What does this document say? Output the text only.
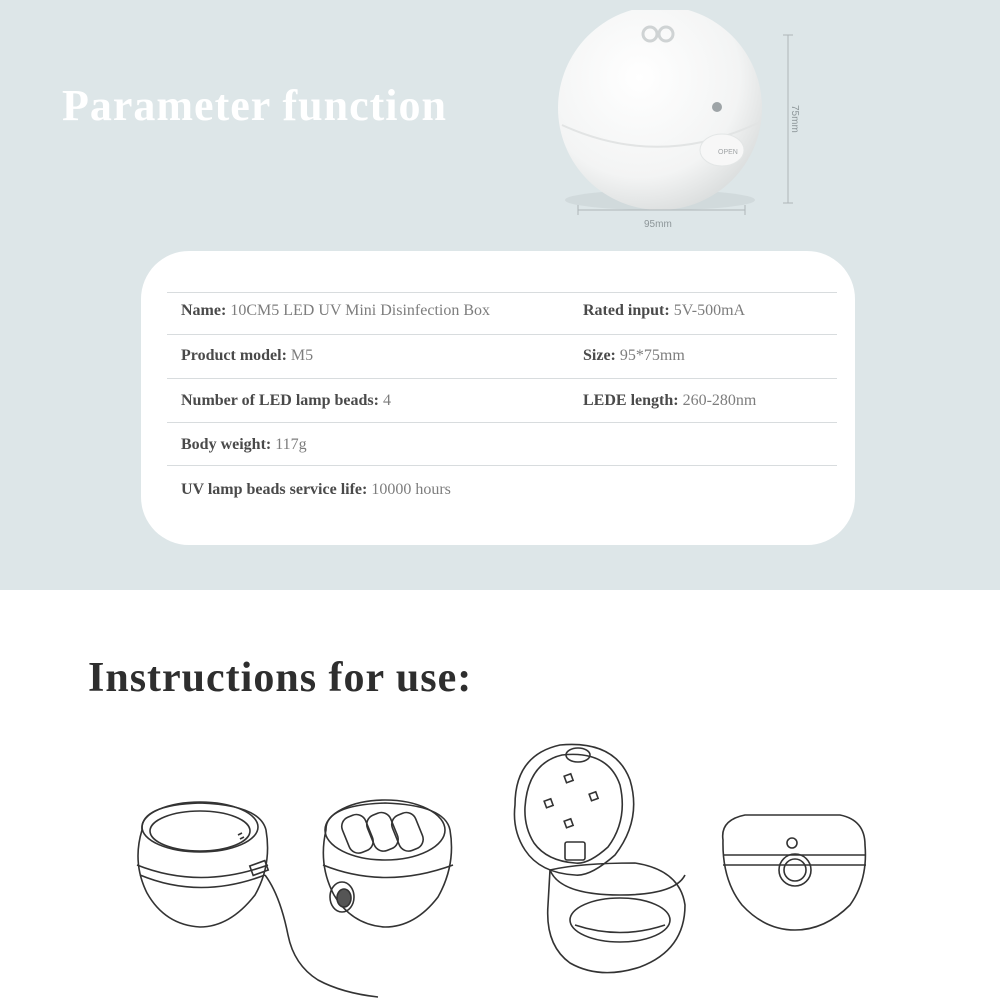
Parameter function
OPEN
95mm
75mm
Name: 10CM5 LED UV Mini Disinfection Box	Rated input: 5V-500mA
Product model: M5	Size: 95*75mm
Number of LED lamp beads: 4	LEDE length: 260-280nm
Body weight: 117g
UV lamp beads service life: 10000 hours
Instructions for use:
